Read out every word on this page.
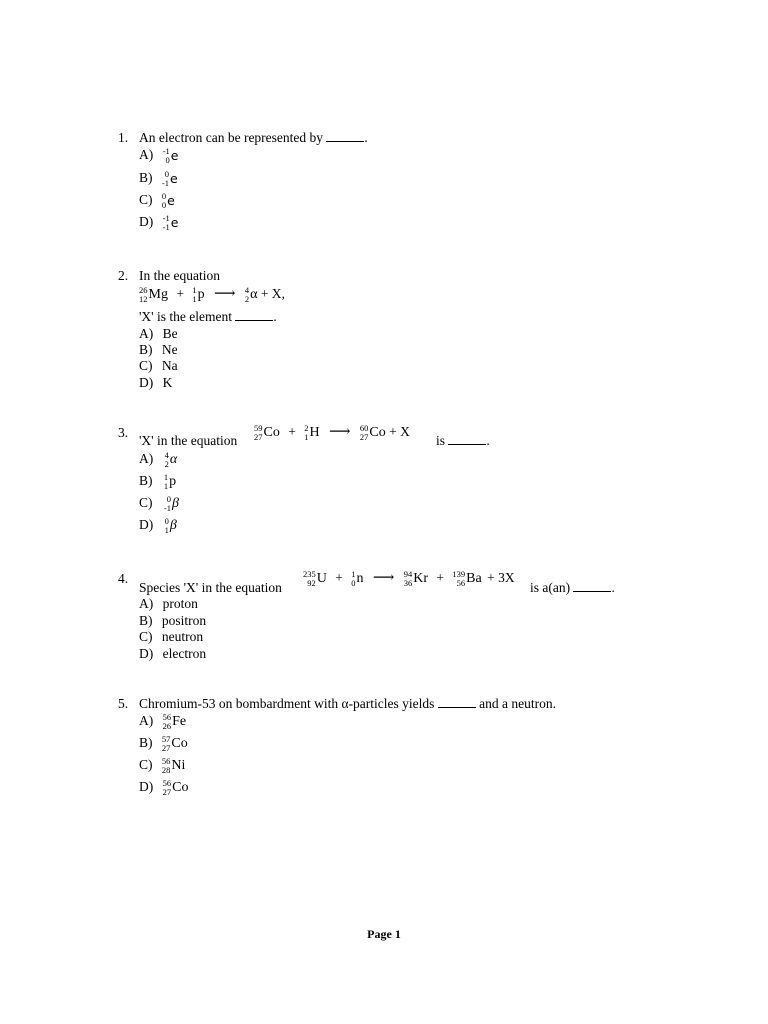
1. An electron can be represented by	.
A) -1
0 e
B)	0
-1 e
C) 0
0 e
D) -1
-1 e
2. In the equation
26
12 Mg + 1
1 p ⟶ 4
2 α + X,
'X' is the element	.
A) Be
B) Ne
C) Na
D) K
3.
'X' in the equation
59
27 Co + 2
1 H ⟶ 60
27 Co + X
is	.
A) 4
2 α
B) 1
1 p
C)	0
-1 β
D) 0
1 β
4.
Species 'X' in the equation
235
92 U + 1
0 n ⟶ 94
36 Kr + 139
56 Ba + 3X
is a(an)	.
A) proton
B) positron
C) neutron
D) electron
5. Chromium-53 on bombardment with α-particles yields	and a neutron.
A) 56
26 Fe
B) 57
27 Co
C) 56
28 Ni
D) 56
27 Co
Page 1
